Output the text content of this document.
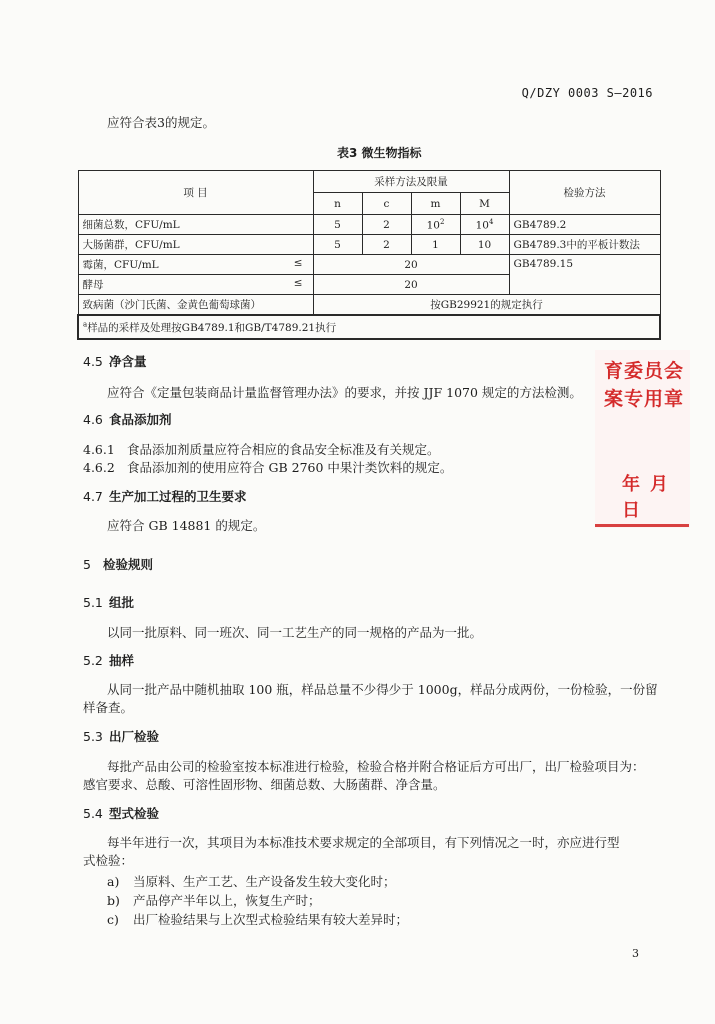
Q/DZY 0003 S—2016
应符合表3的规定。
表3 微生物指标
项 目	采样方法及限量				检验方法
	n	c	m	M	
细菌总数，CFU/mL	5	2	$10^2$	$10^4$	GB4789.2
大肠菌群，CFU/mL	5	2	1	10	GB4789.3中的平板计数法
霉菌，CFU/mL ≤	20				GB4789.15
酵母 ≤	20				
致病菌（沙门氏菌、金黄色葡萄球菌）	按GB29921的规定执行				
$^a$样品的采样及处理按GB4789.1和GB/T4789.21执行					
育委员会
案专用章
年月日
4.5 净含量
应符合《定量包装商品计量监督管理办法》的要求，并按 JJF 1070 规定的方法检测。
4.6 食品添加剂
4.6.1 食品添加剂质量应符合相应的食品安全标准及有关规定。
4.6.2 食品添加剂的使用应符合 GB 2760 中果汁类饮料的规定。
4.7 生产加工过程的卫生要求
应符合 GB 14881 的规定。
5 检验规则
5.1 组批
以同一批原料、同一班次、同一工艺生产的同一规格的产品为一批。
5.2 抽样
从同一批产品中随机抽取 100 瓶，样品总量不少得少于 1000g，样品分成两份，一份检验，一份留
样备查。
5.3 出厂检验
每批产品由公司的检验室按本标准进行检验，检验合格并附合格证后方可出厂，出厂检验项目为：
感官要求、总酸、可溶性固形物、细菌总数、大肠菌群、净含量。
5.4 型式检验
每半年进行一次，其项目为本标准技术要求规定的全部项目，有下列情况之一时，亦应进行型
式检验：
a) 当原料、生产工艺、生产设备发生较大变化时；
b) 产品停产半年以上，恢复生产时；
c) 出厂检验结果与上次型式检验结果有较大差异时；
3
